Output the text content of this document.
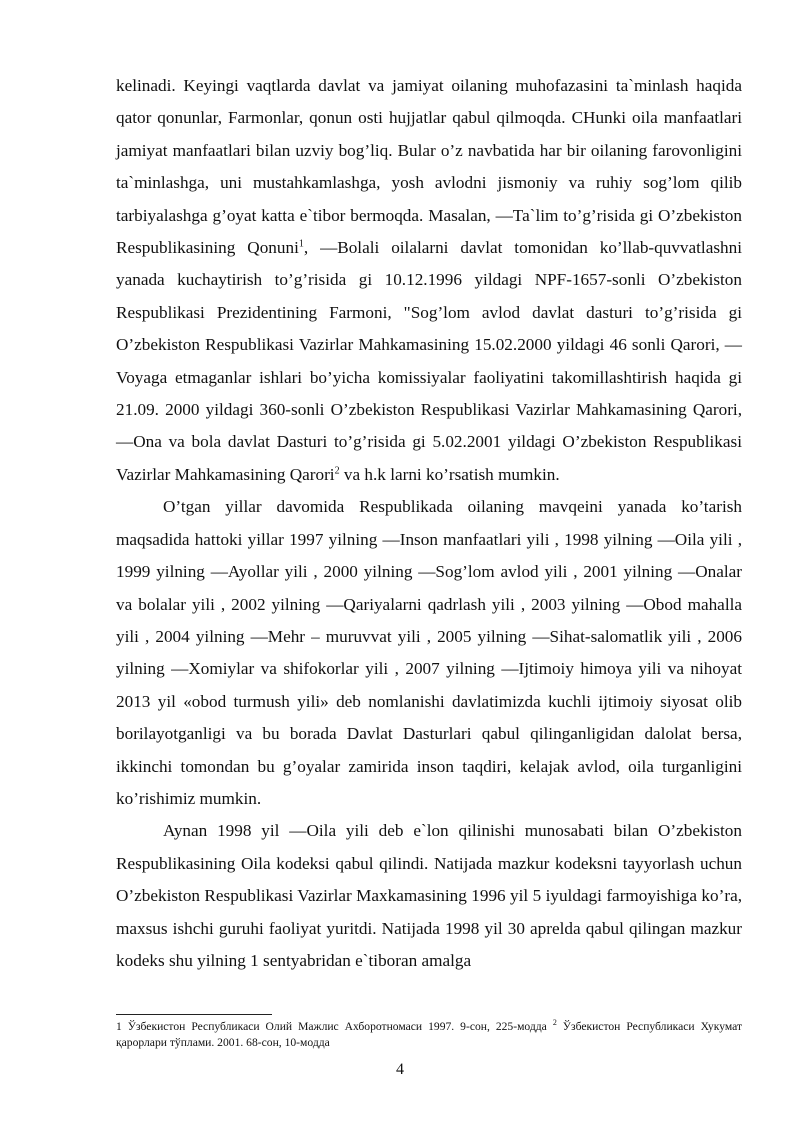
kelinadi. Keyingi vaqtlarda davlat va jamiyat oilaning muhofazasini ta`minlash haqida qator qonunlar, Farmonlar, qonun osti hujjatlar qabul qilmoqda. CHunki oila manfaatlari jamiyat manfaatlari bilan uzviy bog’liq. Bular o’z navbatida har bir oilaning farovonligini ta`minlashga, uni mustahkamlashga, yosh avlodni jismoniy va ruhiy sog’lom qilib tarbiyalashga g’oyat katta e`tibor bermoqda. Masalan, —Ta`lim to’g’risida gi O’zbekiston Respublikasining Qonuni$^1$, —Bolali oilalarni davlat tomonidan ko’llab-quvvatlashni yanada kuchaytirish to’g’risida gi 10.12.1996 yildagi NPF-1657-sonli O’zbekiston Respublikasi Prezidentining Farmoni, "Sog’lom avlod davlat dasturi to’g’risida gi O’zbekiston Respublikasi Vazirlar Mahkamasining 15.02.2000 yildagi 46 sonli Qarori, —Voyaga etmaganlar ishlari bo’yicha komissiyalar faoliyatini takomillashtirish haqida gi 21.09. 2000 yildagi 360-sonli O’zbekiston Respublikasi Vazirlar Mahkamasining Qarori, —Ona va bola davlat Dasturi to’g’risida gi 5.02.2001 yildagi O’zbekiston Respublikasi Vazirlar Mahkamasining Qarori$^2$ va h.k larni ko’rsatish mumkin.

O’tgan yillar davomida Respublikada oilaning mavqeini yanada ko’tarish maqsadida hattoki yillar 1997 yilning —Inson manfaatlari yili , 1998 yilning —Oila yili , 1999 yilning —Ayollar yili , 2000 yilning —Sog’lom avlod yili , 2001 yilning —Onalar va bolalar yili , 2002 yilning —Qariyalarni qadrlash yili , 2003 yilning —Obod mahalla yili , 2004 yilning —Mehr – muruvvat yili , 2005 yilning —Sihat-salomatlik yili , 2006 yilning —Xomiylar va shifokorlar yili , 2007 yilning —Ijtimoiy himoya yili va nihoyat 2013 yil «obod turmush yili» deb nomlanishi davlatimizda kuchli ijtimoiy siyosat olib borilayotganligi va bu borada Davlat Dasturlari qabul qilinganligidan dalolat bersa, ikkinchi tomondan bu g’oyalar zamirida inson taqdiri, kelajak avlod, oila turganligini ko’rishimiz mumkin.

Aynan 1998 yil —Oila yili deb e`lon qilinishi munosabati bilan O’zbekiston Respublikasining Oila kodeksi qabul qilindi. Natijada mazkur kodeksni tayyorlash uchun O’zbekiston Respublikasi Vazirlar Maxkamasining 1996 yil 5 iyuldagi farmoyishiga ko’ra, maxsus ishchi guruhi faoliyat yuritdi. Natijada 1998 yil 30 aprelda qabul qilingan mazkur kodeks shu yilning 1 sentyabridan e`tiboran amalga

1 Ўзбекистон Республикаси Олий Мажлис Ахборотномаси 1997. 9-сон, 225-модда $^2$ Ўзбекистон Республикаси Хукумат қарорлари тўплами. 2001. 68-сон, 10-модда
4
